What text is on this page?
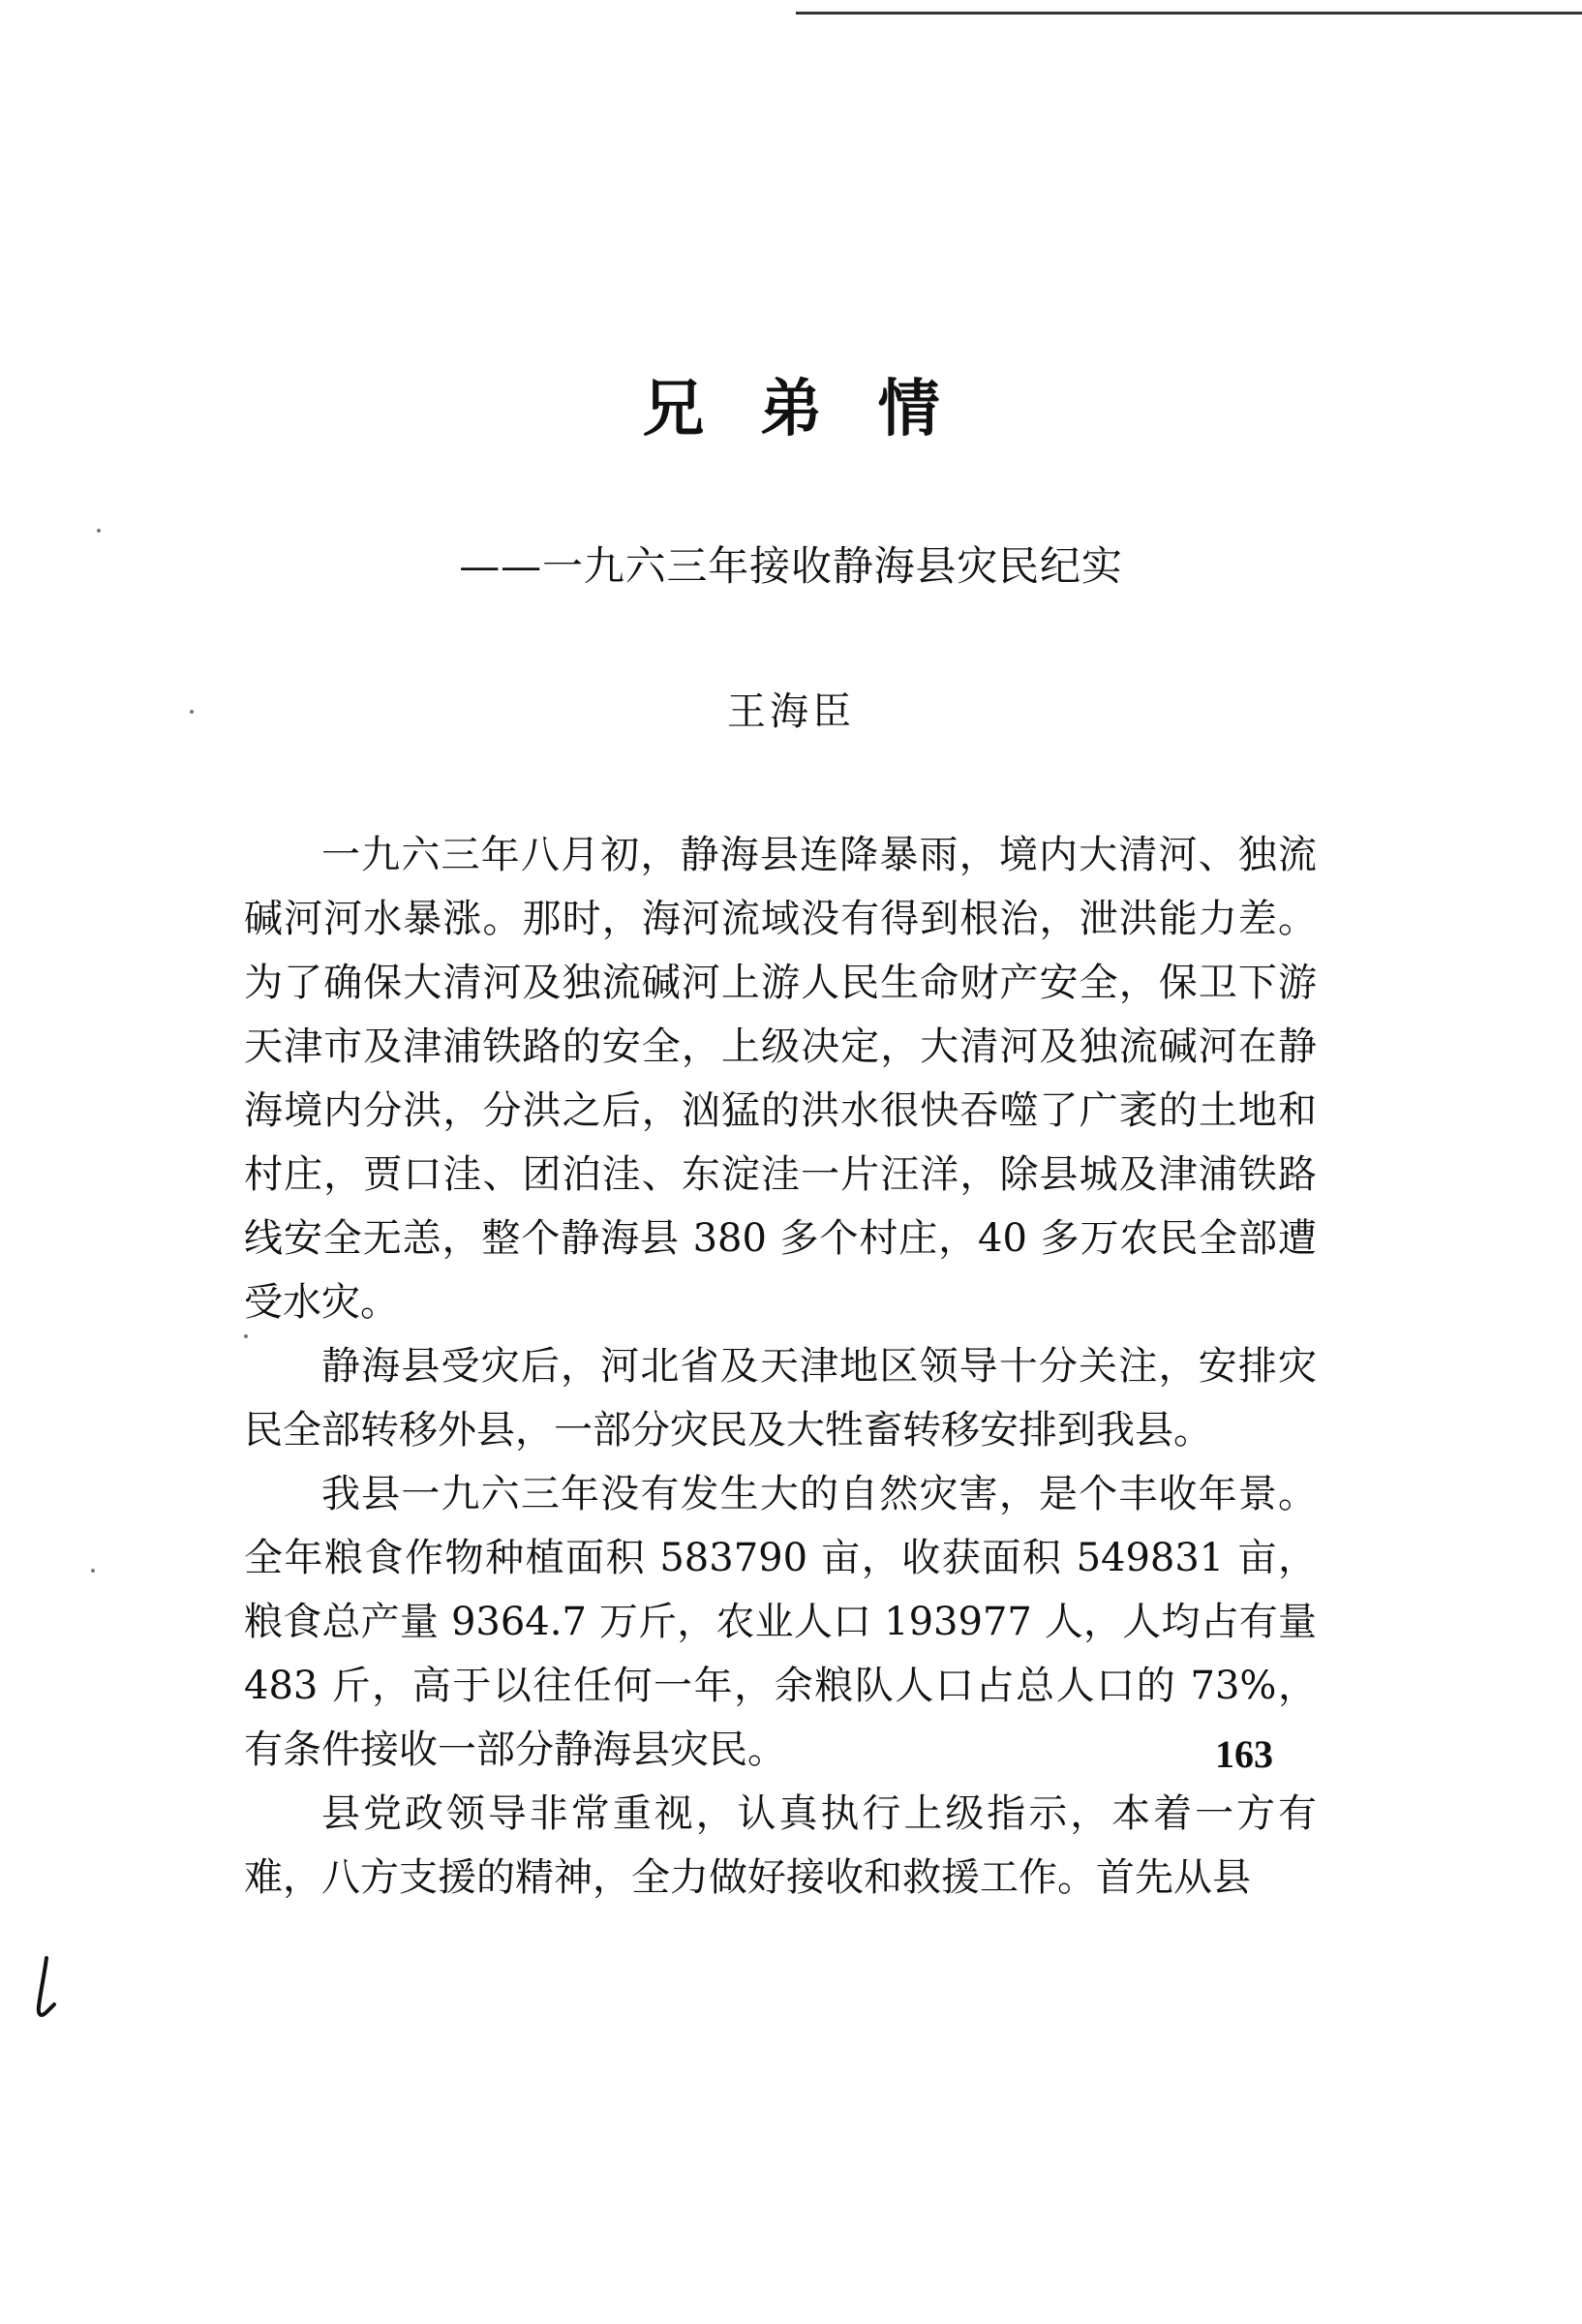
兄弟情
——一九六三年接收静海县灾民纪实
王海臣

一九六三年八月初，静海县连降暴雨，境内大清河、独流碱河河水暴涨。那时，海河流域没有得到根治，泄洪能力差。为了确保大清河及独流碱河上游人民生命财产安全，保卫下游天津市及津浦铁路的安全，上级决定，大清河及独流碱河在静海境内分洪，分洪之后，汹猛的洪水很快吞噬了广袤的土地和村庄，贾口洼、团泊洼、东淀洼一片汪洋，除县城及津浦铁路线安全无恙，整个静海县 380 多个村庄，40 多万农民全部遭受水灾。

静海县受灾后，河北省及天津地区领导十分关注，安排灾民全部转移外县，一部分灾民及大牲畜转移安排到我县。

我县一九六三年没有发生大的自然灾害，是个丰收年景。全年粮食作物种植面积 583790 亩，收获面积 549831 亩，粮食总产量 9364.7 万斤，农业人口 193977 人，人均占有量 483 斤，高于以往任何一年，余粮队人口占总人口的 73%，有条件接收一部分静海县灾民。

县党政领导非常重视，认真执行上级指示，本着一方有难，八方支援的精神，全力做好接收和救援工作。首先从县

163
